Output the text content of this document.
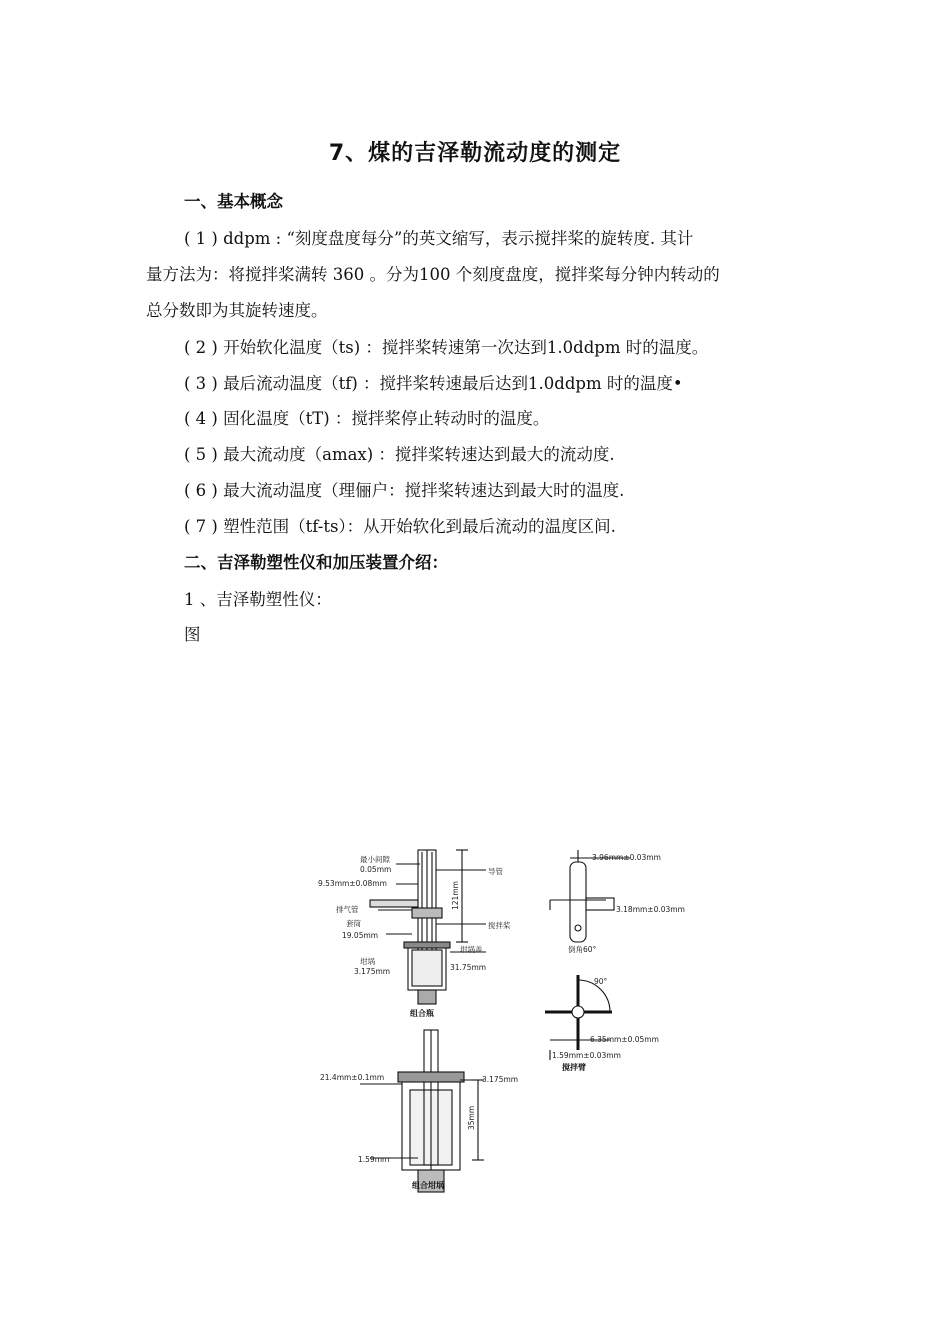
7、煤的吉泽勒流动度的测定
一、基本概念
( 1 ) ddpm : “刻度盘度每分”的英文缩写，表示搅拌桨的旋转度. 其计
量方法为：将搅拌桨满转 360 。分为100 个刻度盘度，搅拌桨每分钟内转动的
总分数即为其旋转速度。
( 2 ) 开始软化温度（ts) ：搅拌桨转速第一次达到1.0ddpm 时的温度。
( 3 ) 最后流动温度（tf) ：搅拌桨转速最后达到1.0ddpm 时的温度•
( 4 ) 固化温度（tT) ：搅拌桨停止转动时的温度。
( 5 ) 最大流动度（amax) ：搅拌桨转速达到最大的流动度.
( 6 ) 最大流动温度（理俪户：搅拌桨转速达到最大时的温度.
( 7 ) 塑性范围（tf-ts）：从开始软化到最后流动的温度区间.
二、吉泽勒塑性仪和加压装置介绍：
1 、吉泽勒塑性仪：
图
最小间隙
0.05mm
9.53mm±0.08mm
排气管
套筒
19.05mm
坩埚
3.175mm
导管
121mm
搅拌桨
坩埚盖
31.75mm
组合瓶
3.96mm±0.03mm
3.18mm±0.03mm
倒角60°
90°
6.35mm±0.05mm
1.59mm±0.03mm
搅拌臂
21.4mm±0.1mm	3.175mm
35mm
1.59mm
组合坩埚
